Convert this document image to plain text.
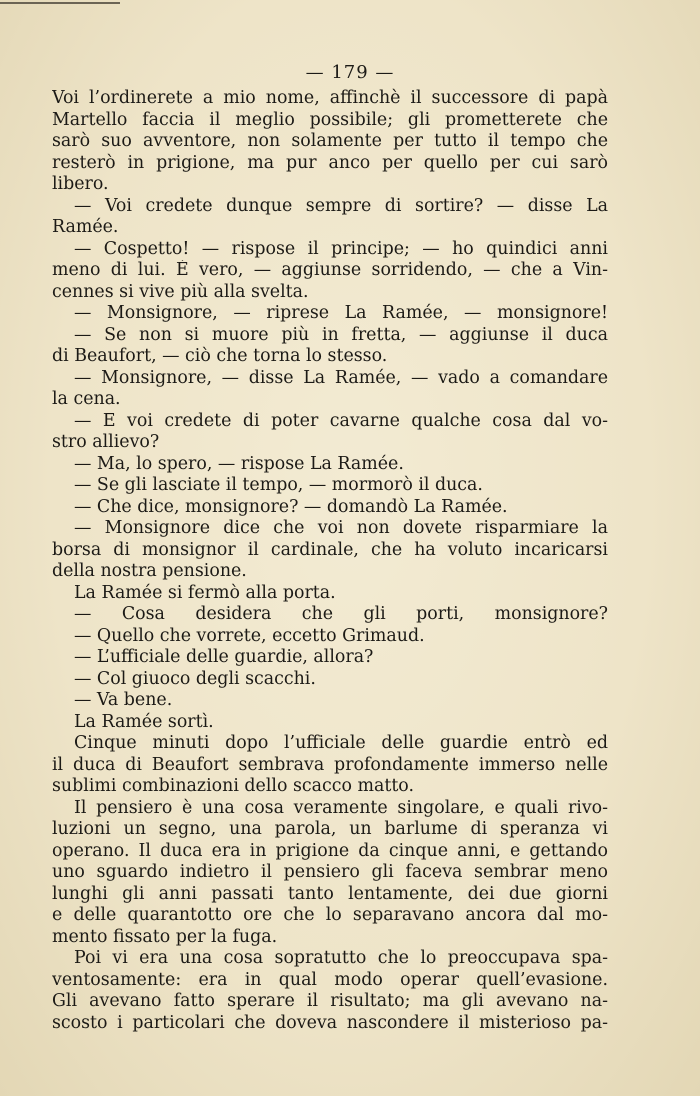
— 179 —
Voi l’ordinerete a mio nome, affinchè il successore di papà
Martello faccia il meglio possibile; gli prometterete che
sarò suo avventore, non solamente per tutto il tempo che
resterò in prigione, ma pur anco per quello per cui sarò
libero.
— Voi credete dunque sempre di sortire? — disse La
Ramée.
— Cospetto! — rispose il principe; — ho quindici anni
meno di lui. È vero, — aggiunse sorridendo, — che a Vin-
cennes si vive più alla svelta.
— Monsignore, — riprese La Ramée, — monsignore!
— Se non si muore più in fretta, — aggiunse il duca
di Beaufort, — ciò che torna lo stesso.
— Monsignore, — disse La Ramée, — vado a comandare
la cena.
— E voi credete di poter cavarne qualche cosa dal vo-
stro allievo?
— Ma, lo spero, — rispose La Ramée.
— Se gli lasciate il tempo, — mormorò il duca.
— Che dice, monsignore? — domandò La Ramée.
— Monsignore dice che voi non dovete risparmiare la
borsa di monsignor il cardinale, che ha voluto incaricarsi
della nostra pensione.
La Ramée si fermò alla porta.
— Cosa desidera che gli porti, monsignore?
— Quello che vorrete, eccetto Grimaud.
— L’ufficiale delle guardie, allora?
— Col giuoco degli scacchi.
— Va bene.
La Ramée sortì.
Cinque minuti dopo l’ufficiale delle guardie entrò ed
il duca di Beaufort sembrava profondamente immerso nelle
sublimi combinazioni dello scacco matto.
Il pensiero è una cosa veramente singolare, e quali rivo-
luzioni un segno, una parola, un barlume di speranza vi
operano. Il duca era in prigione da cinque anni, e gettando
uno sguardo indietro il pensiero gli faceva sembrar meno
lunghi gli anni passati tanto lentamente, dei due giorni
e delle quarantotto ore che lo separavano ancora dal mo-
mento fissato per la fuga.
Poi vi era una cosa sopratutto che lo preoccupava spa-
ventosamente: era in qual modo operar quell’evasione.
Gli avevano fatto sperare il risultato; ma gli avevano na-
scosto i particolari che doveva nascondere il misterioso pa-
